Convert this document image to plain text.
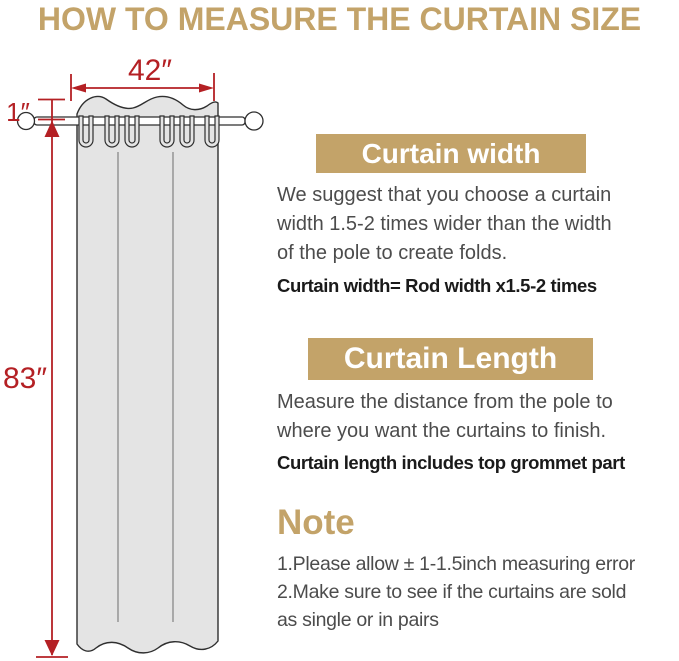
HOW TO MEASURE THE CURTAIN SIZE
42″
1″
83″
Curtain width
We suggest that you choose a curtain
width 1.5-2 times wider than the width
of the pole to create folds.
Curtain width= Rod width x1.5-2 times
Curtain Length
Measure the distance from the pole to
where you want the curtains to finish.
Curtain length includes top grommet part
Note
1.Please allow ± 1-1.5inch measuring error
2.Make sure to see if the curtains are sold
as single or in pairs
